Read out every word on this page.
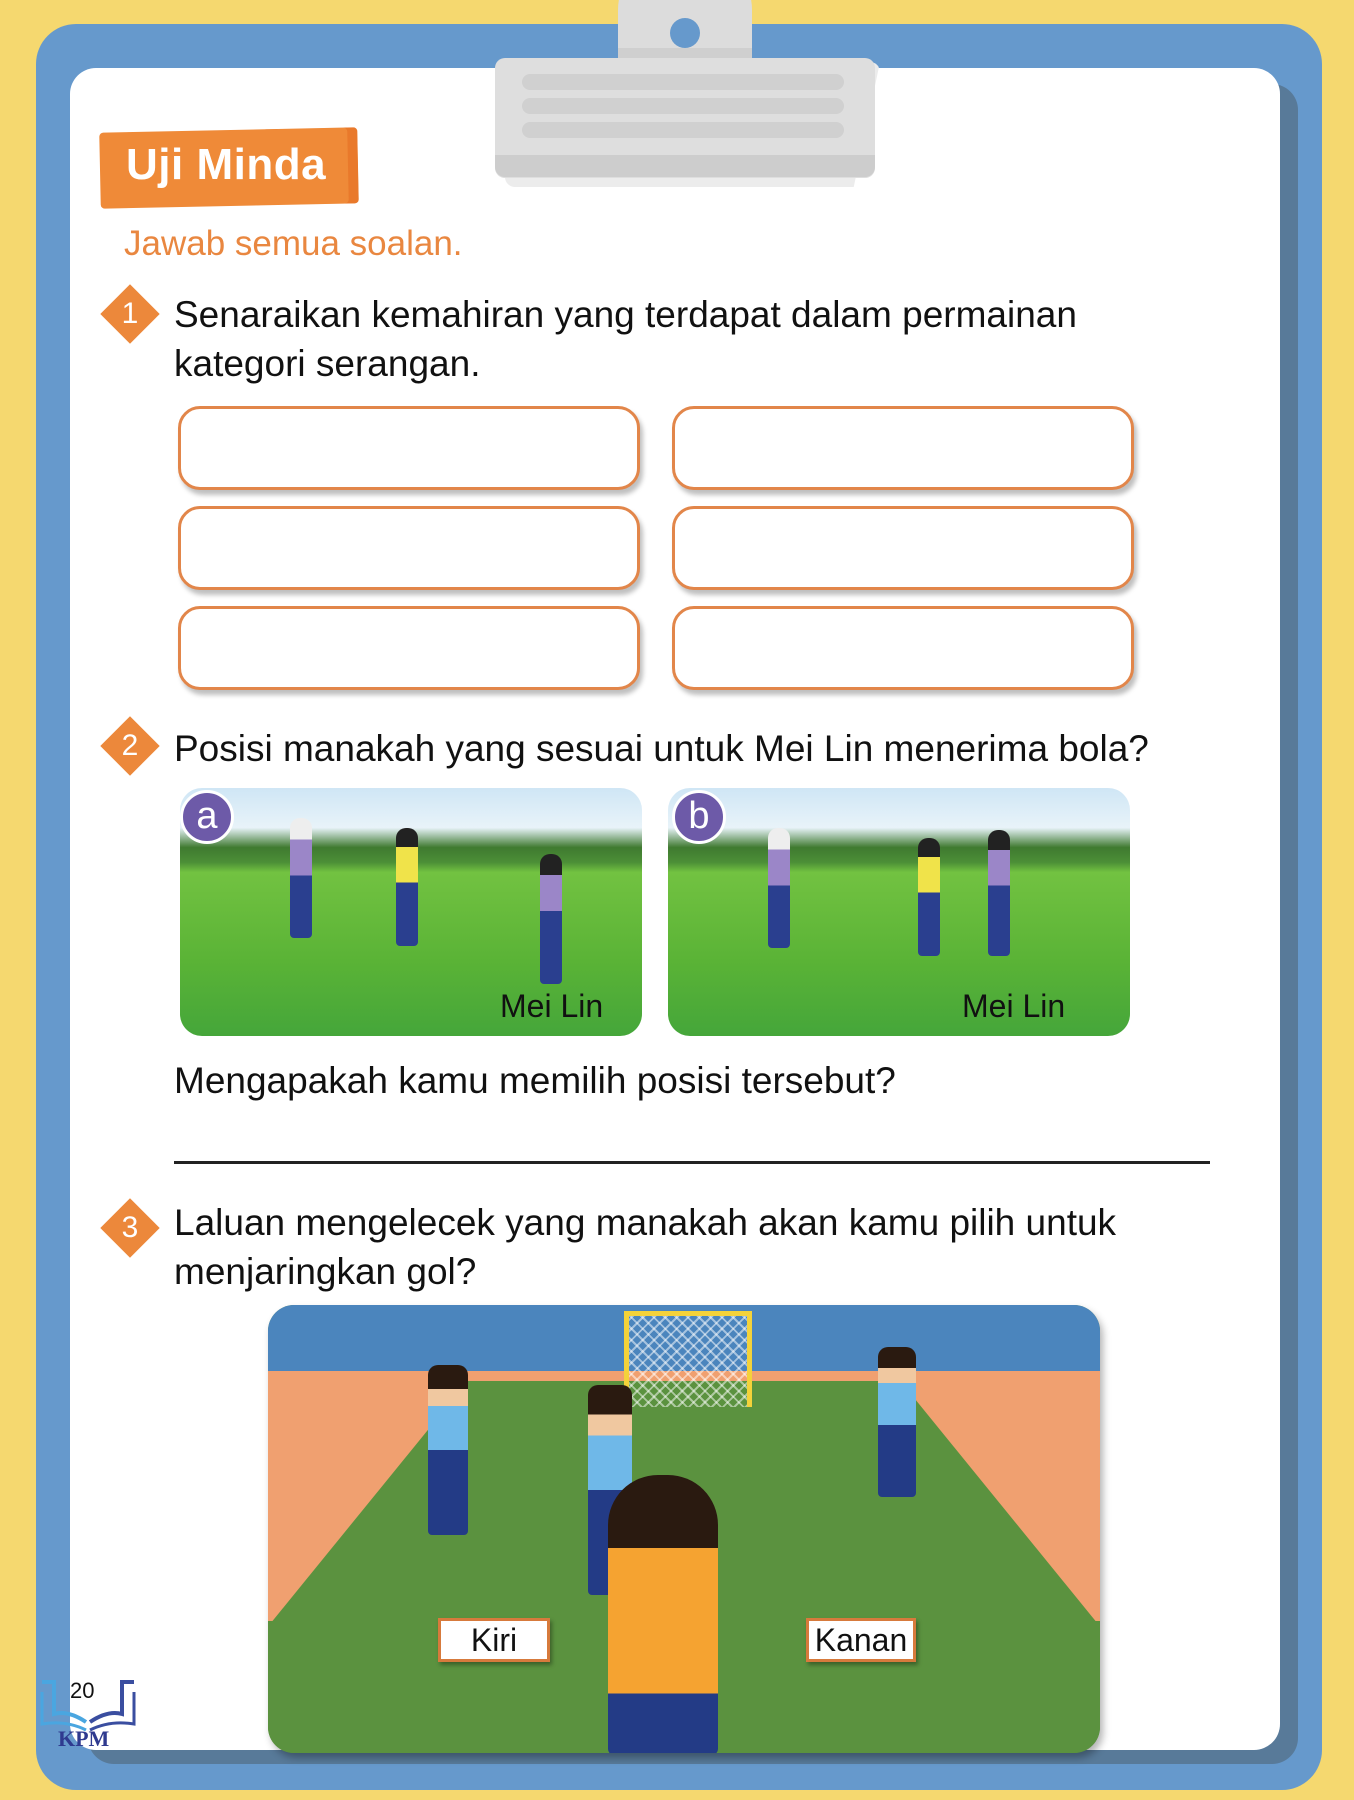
Uji Minda
Jawab semua soalan.
1 Senaraikan kemahiran yang terdapat dalam permainan
kategori serangan.
2 Posisi manakah yang sesuai untuk Mei Lin menerima bola?
a
Mei Lin
b
Mei Lin
Mengapakah kamu memilih posisi tersebut?
3 Laluan mengelecek yang manakah akan kamu pilih untuk
menjaringkan gol?
Kiri	Kanan
20
KPM
